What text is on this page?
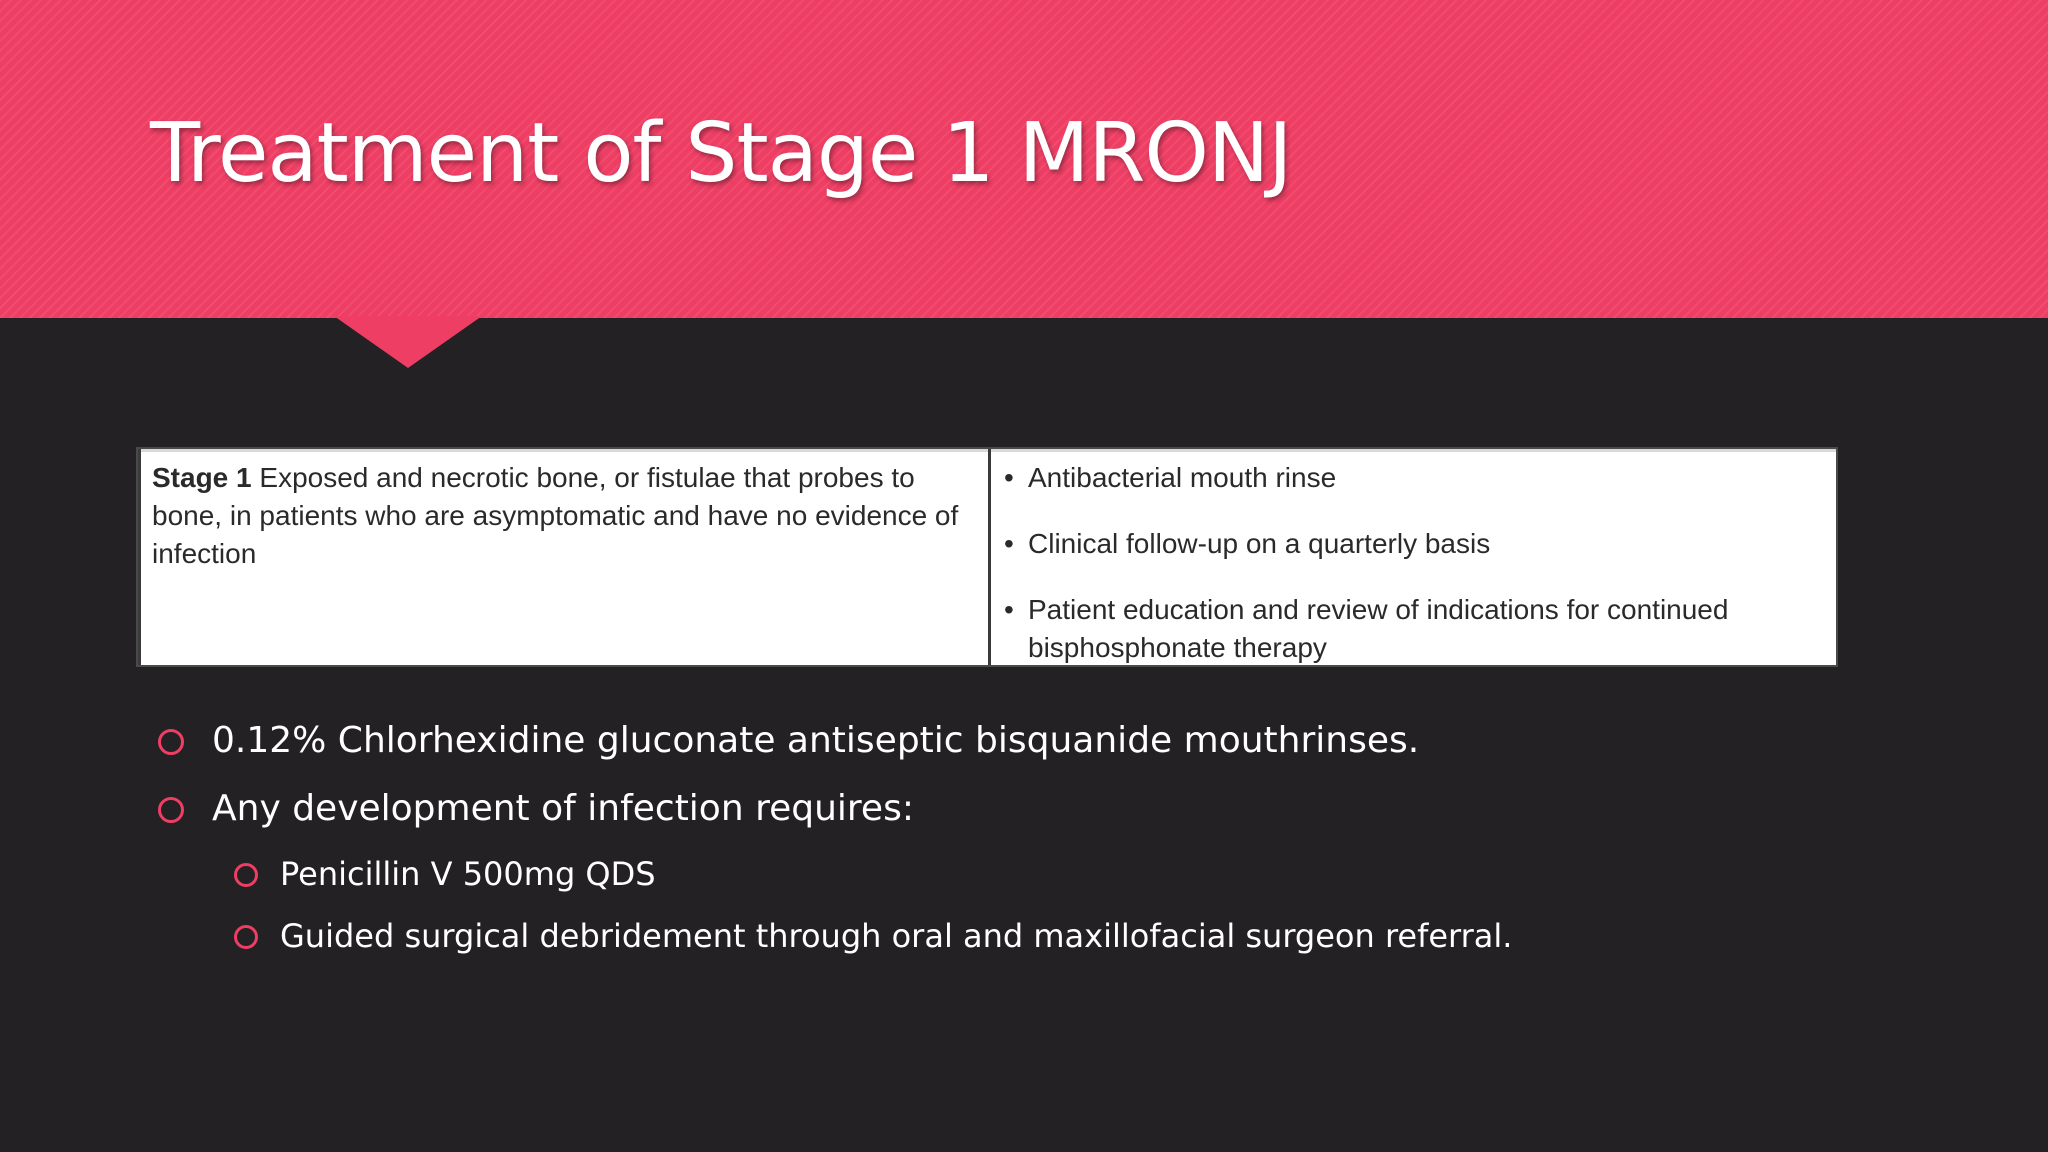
Treatment of Stage 1 MRONJ
Stage 1 Exposed and necrotic bone, or fistulae that probes to bone, in patients who are asymptomatic and have no evidence of infection
• Antibacterial mouth rinse
• Clinical follow-up on a quarterly basis
• Patient education and review of indications for continued bisphosphonate therapy
0.12% Chlorhexidine gluconate antiseptic bisquanide mouthrinses.
Any development of infection requires:
Penicillin V 500mg QDS
Guided surgical debridement through oral and maxillofacial surgeon referral.
